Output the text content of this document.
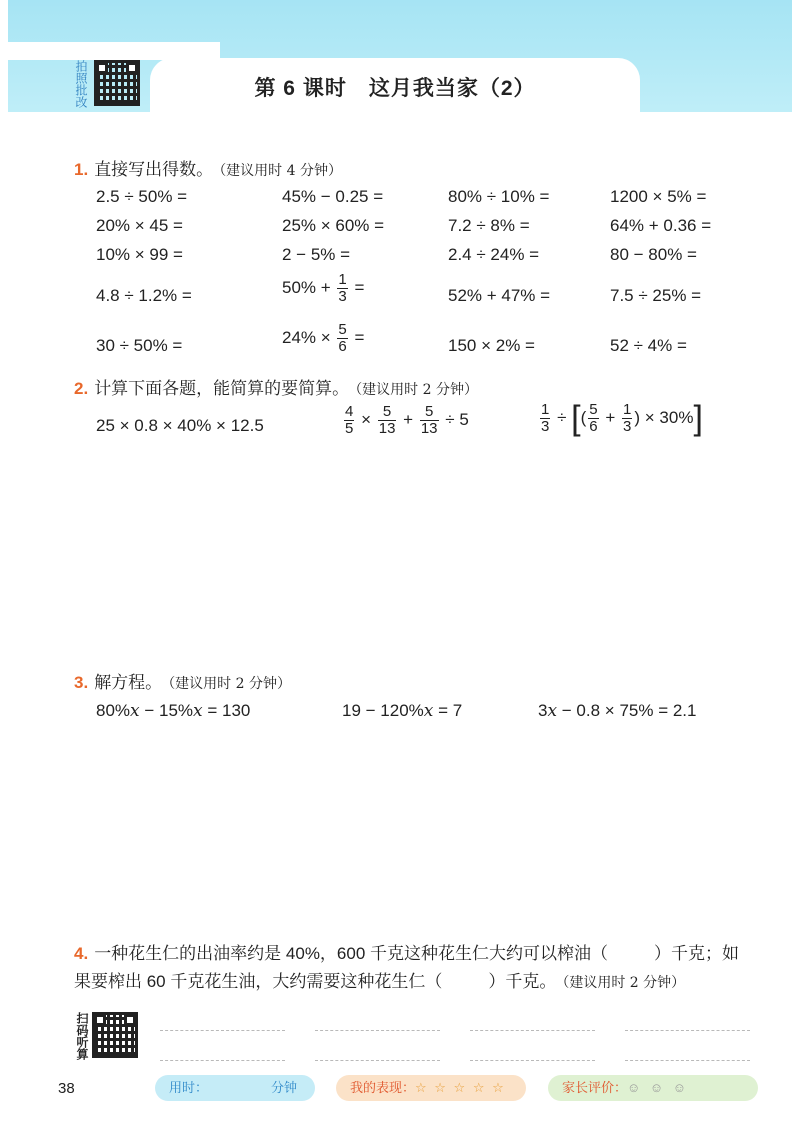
拍照批改	第 6 课时 这月我当家（2）
1. 直接写出得数。 （建议用时 4 分钟）
2.5 ÷ 50% =	45% − 0.25 =	80% ÷ 10% =	1200 × 5% =
20% × 45 =	25% × 60% =	7.2 ÷ 8% =	64% + 0.36 =
10% × 99 =	2 − 5% =	2.4 ÷ 24% =	80 − 80% =
4.8 ÷ 1.2% =	$50\% + \frac{1}{3}$ =	52% + 47% =	7.5 ÷ 25% =
30 ÷ 50% =	$24\% \times \frac{5}{6}$ =	150 × 2% =	52 ÷ 4% =
2. 计算下面各题，能简算的要简算。 （建议用时 2 分钟）
25 × 0.8 × 40% × 12.5	$\frac{4}{5} \times \frac{5}{13} + \frac{5}{13} \div 5$	$\frac{1}{3}$ ÷ [( $\frac{5}{6} + \frac{1}{3}$ ) × 30%]
3. 解方程。 （建议用时 2 分钟）
80%x − 15%x = 130	19 − 120%x = 7	3x − 0.8 × 75% = 2.1
4. 一种花生仁的出油率约是 40%，600 千克这种花生仁大约可以榨油（	）千克；如
果要榨出 60 千克花生油，大约需要这种花生仁（	）千克。 （建议用时 2 分钟）
扫码听算
38	用时：	分钟	我的表现：☆ ☆ ☆ ☆ ☆	家长评价：☺ ☺ ☺
